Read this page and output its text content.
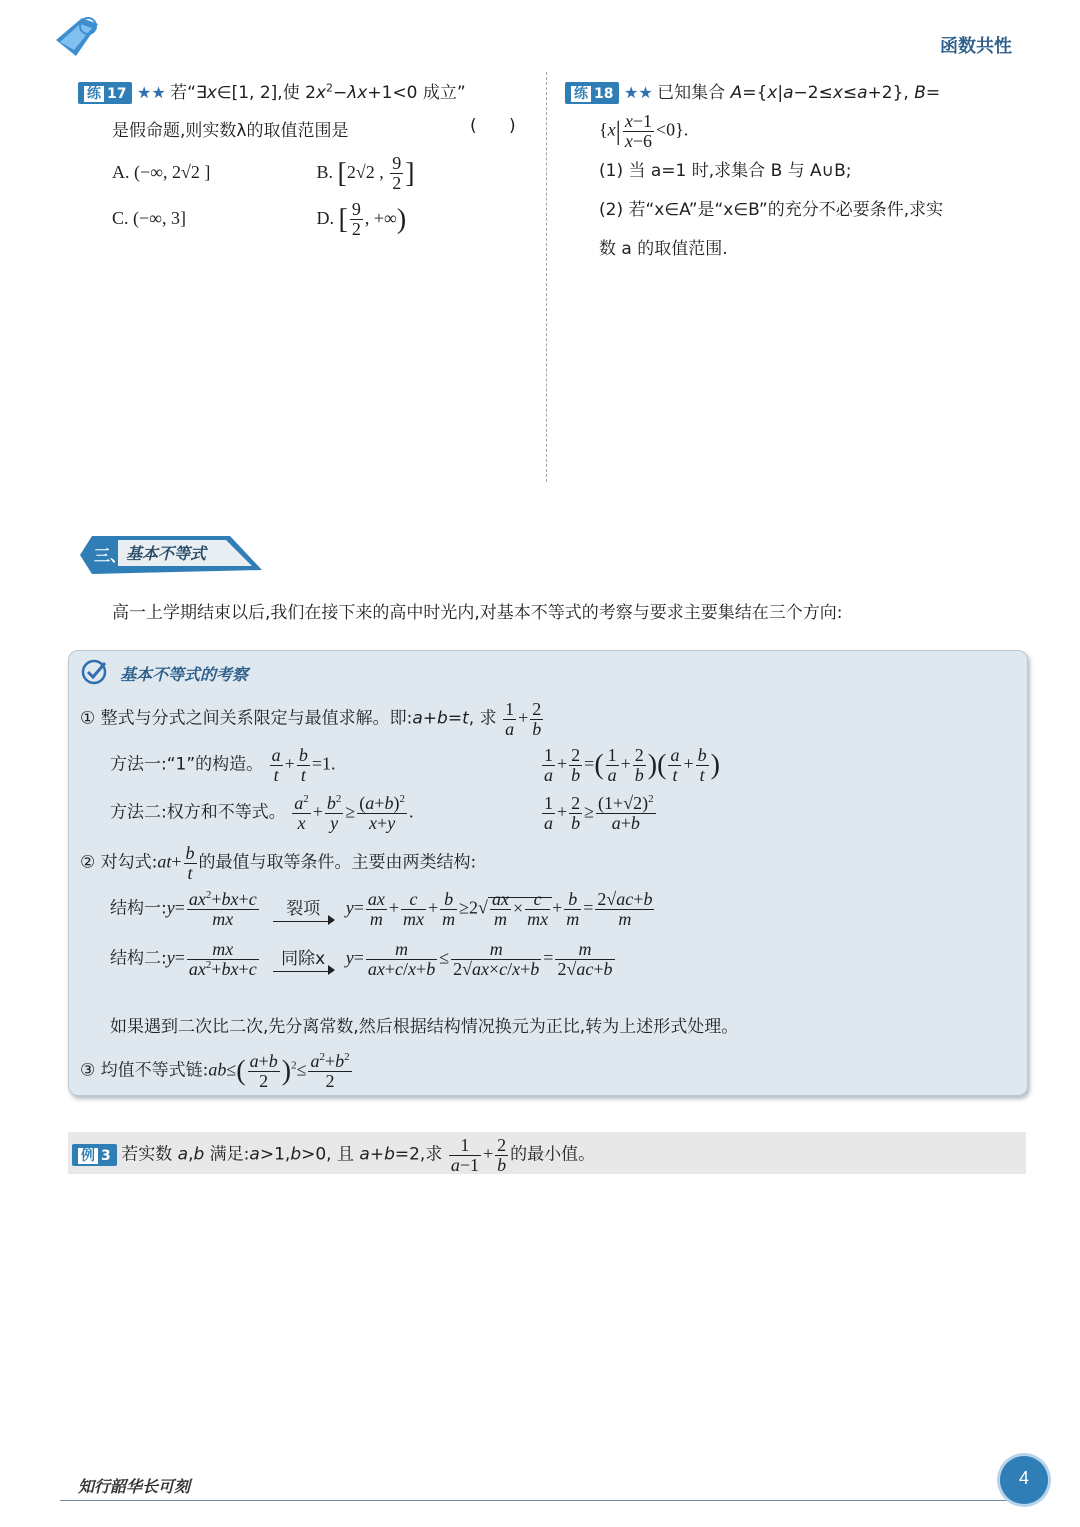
函数共性
练 17 ★★ 若“∃x∈[1, 2],使 $2x^2-\lambda x+1<0$ 成立”
是假命题,则实数λ的取值范围是	(      )
A. (−∞, 2√2 ]	B. [2√2 , $\frac{9}{2}$ ]
C. (−∞, 3]	D. [ $\frac{9}{2}$ , +∞)
练 18 ★★ 已知集合 A={x|a−2≤x≤a+2}, B=
$\{x| \frac{x-1}{x-6} <0\}$.
(1) 当 a=1 时,求集合 B 与 A∪B;
(2) 若“x∈A”是“x∈B”的充分不必要条件,求实
数 a 的取值范围.
三、 基本不等式
高一上学期结束以后,我们在接下来的高中时光内,对基本不等式的考察与要求主要集结在三个方向:
基本不等式的考察
① 整式与分式之间关系限定与最值求解。即:a+b=t, 求 $\frac{1}{a} + \frac{2}{b}$
方法一:“1”的构造。 $\frac{a}{t} + \frac{b}{t} =1$.	$\frac{1}{a} + \frac{2}{b}$ =( $\frac{1}{a} + \frac{2}{b}$ )( $\frac{a}{t} + \frac{b}{t}$ )
方法二:权方和不等式。 $\frac{a^2}{x} + \frac{b^2}{y} \ge \frac{(a+b)^2}{x+y}$ .	$\frac{1}{a} + \frac{2}{b} \ge \frac{(1+√2)^2}{a+b}$
② 对勾式:at+ $\frac{b}{t}$ 的最值与取等条件。主要由两类结构:
结构一:y= $\frac{ax^2+bx+c}{mx}$ 裂项 $y= \frac{ax}{m} + \frac{c}{mx} + \frac{b}{m} \ge 2√ \frac{ax}{m} \times \frac{c}{mx} + \frac{b}{m} = \frac{2√ac+b}{m}$
结构二:y= $\frac{mx}{ax^2+bx+c}$ 同除x $y= \frac{m}{ax+c/x+b} \le \frac{m}{2√ax\times c/x+b} = \frac{m}{2√ac+b}$
如果遇到二次比二次,先分离常数,然后根据结构情况换元为正比,转为上述形式处理。
③ 均值不等式链:ab≤( $\frac{a+b}{2} )^2\le \frac{a^2+b^2}{2}$
例 3 若实数 a,b 满足:a>1,b>0, 且 a+b=2,求 $\frac{1}{a-1} + \frac{2}{b}$ 的最小值。
知行韶华长可刻	4
